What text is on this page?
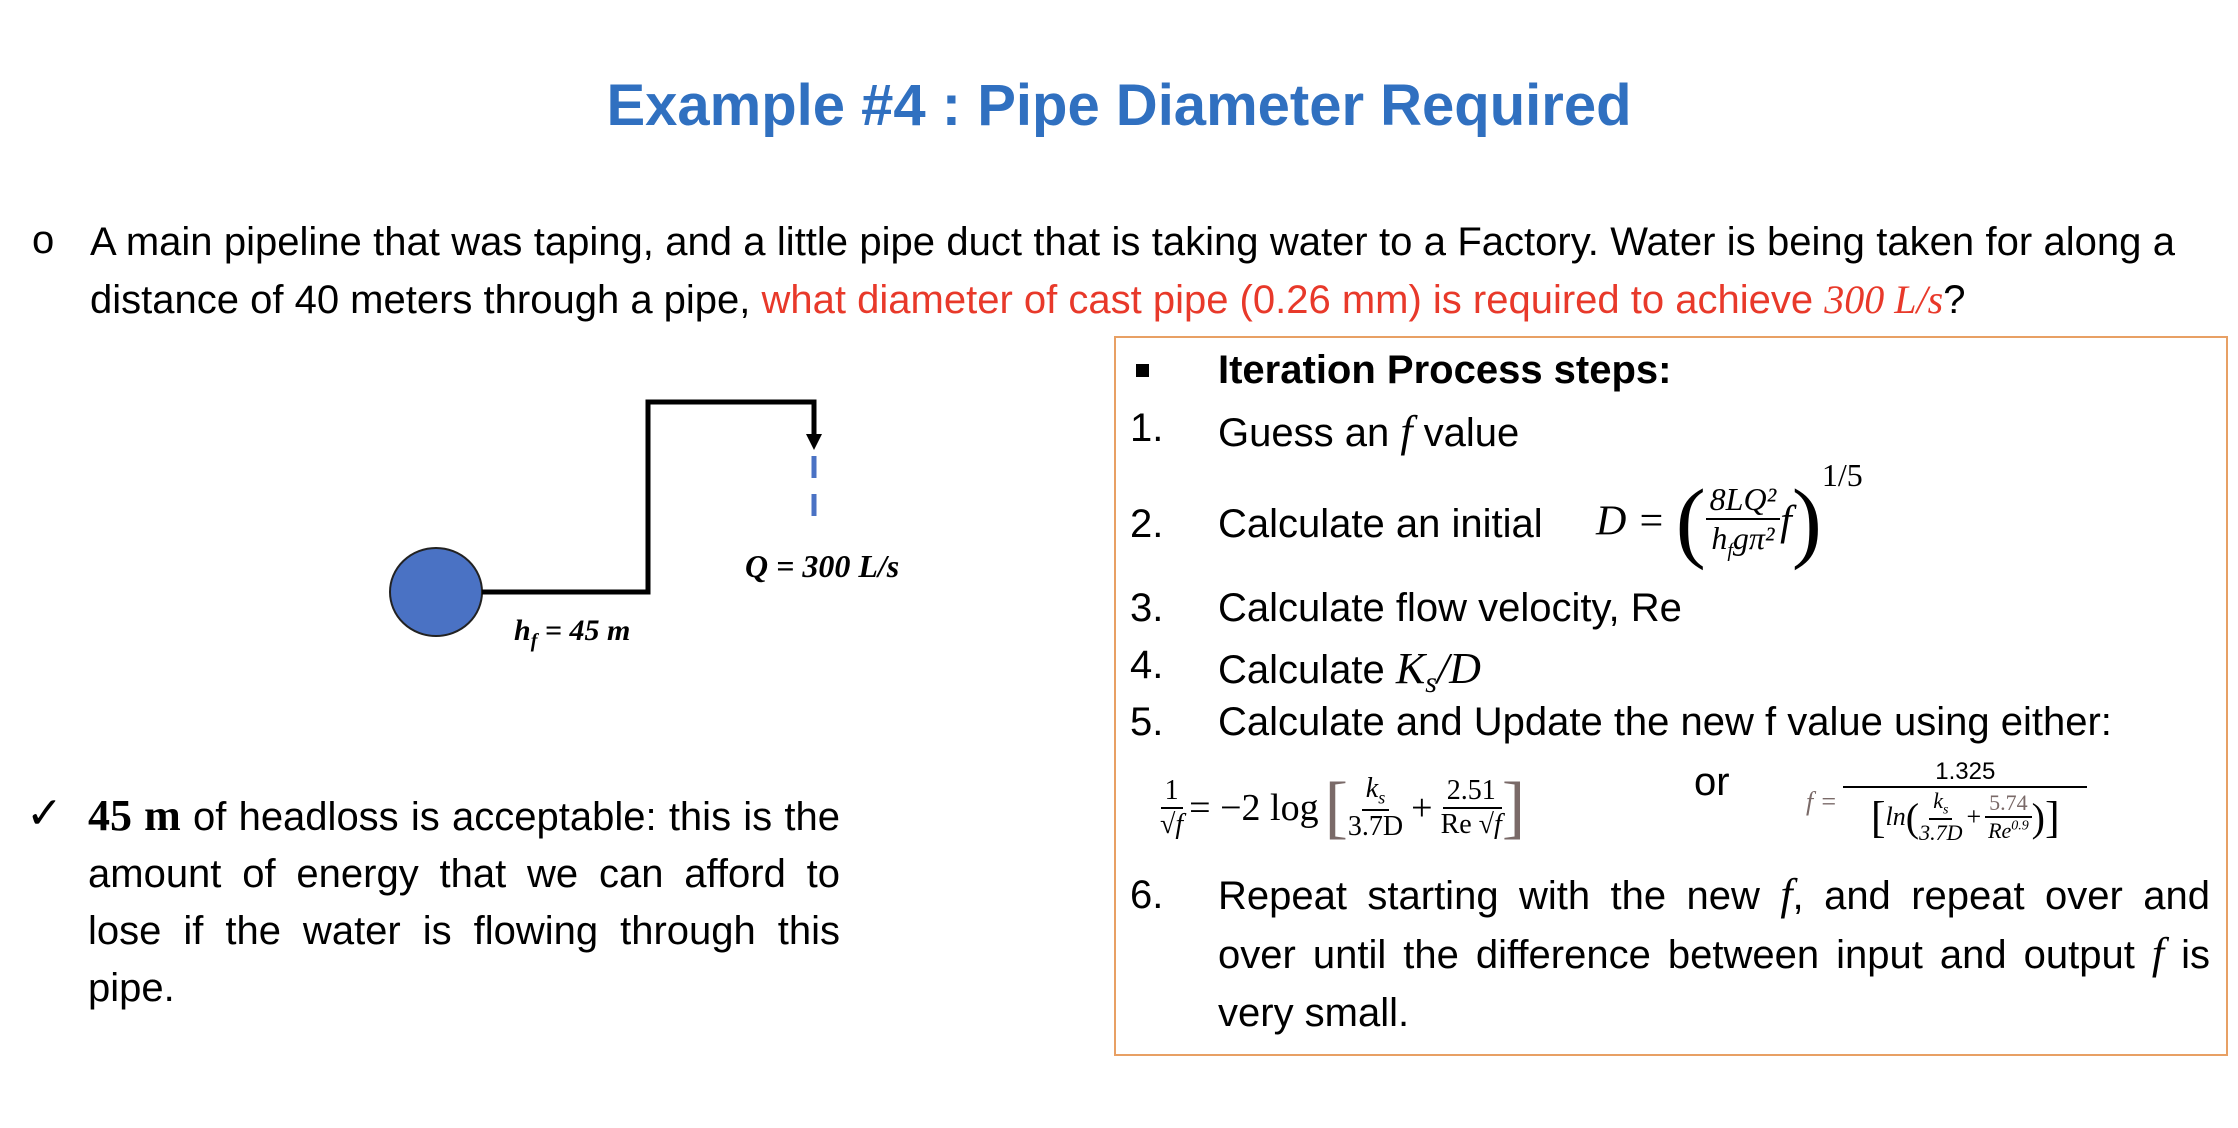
Example #4 : Pipe Diameter Required
o A main pipeline that was taping, and a little pipe duct that is taking water to a Factory. Water is being taken for along a distance of 40 meters through a pipe, what diameter of cast pipe (0.26 mm) is required to achieve 300 L/s?
Q = 300 L/s
$h_f = 45$ m
✓ 45 m of headloss is acceptable: this is the amount of energy that we can afford to lose if the water is flowing through this pipe.
Iteration Process steps:
1. Guess an f value
2. Calculate an initial D = ( $\frac{\text{8LQ²}}{h_fg\pi^2} f)^{1/5}$
3. Calculate flow velocity, Re
4. Calculate $K_s/D$
5. Calculate and Update the new f value using either:
$\frac{1}{√f} = -2$ log [ $\frac{k_s}{3.7D} + \frac{2.51}{Re √f}$ ]	or	f =
1.325
[ ln ( $\frac{k_s}{3.7D} + \frac{5.74}{Re^{0.9}}$ ) ]
6. Repeat starting with the new f, and repeat over and over until the difference between input and output f is very small.
